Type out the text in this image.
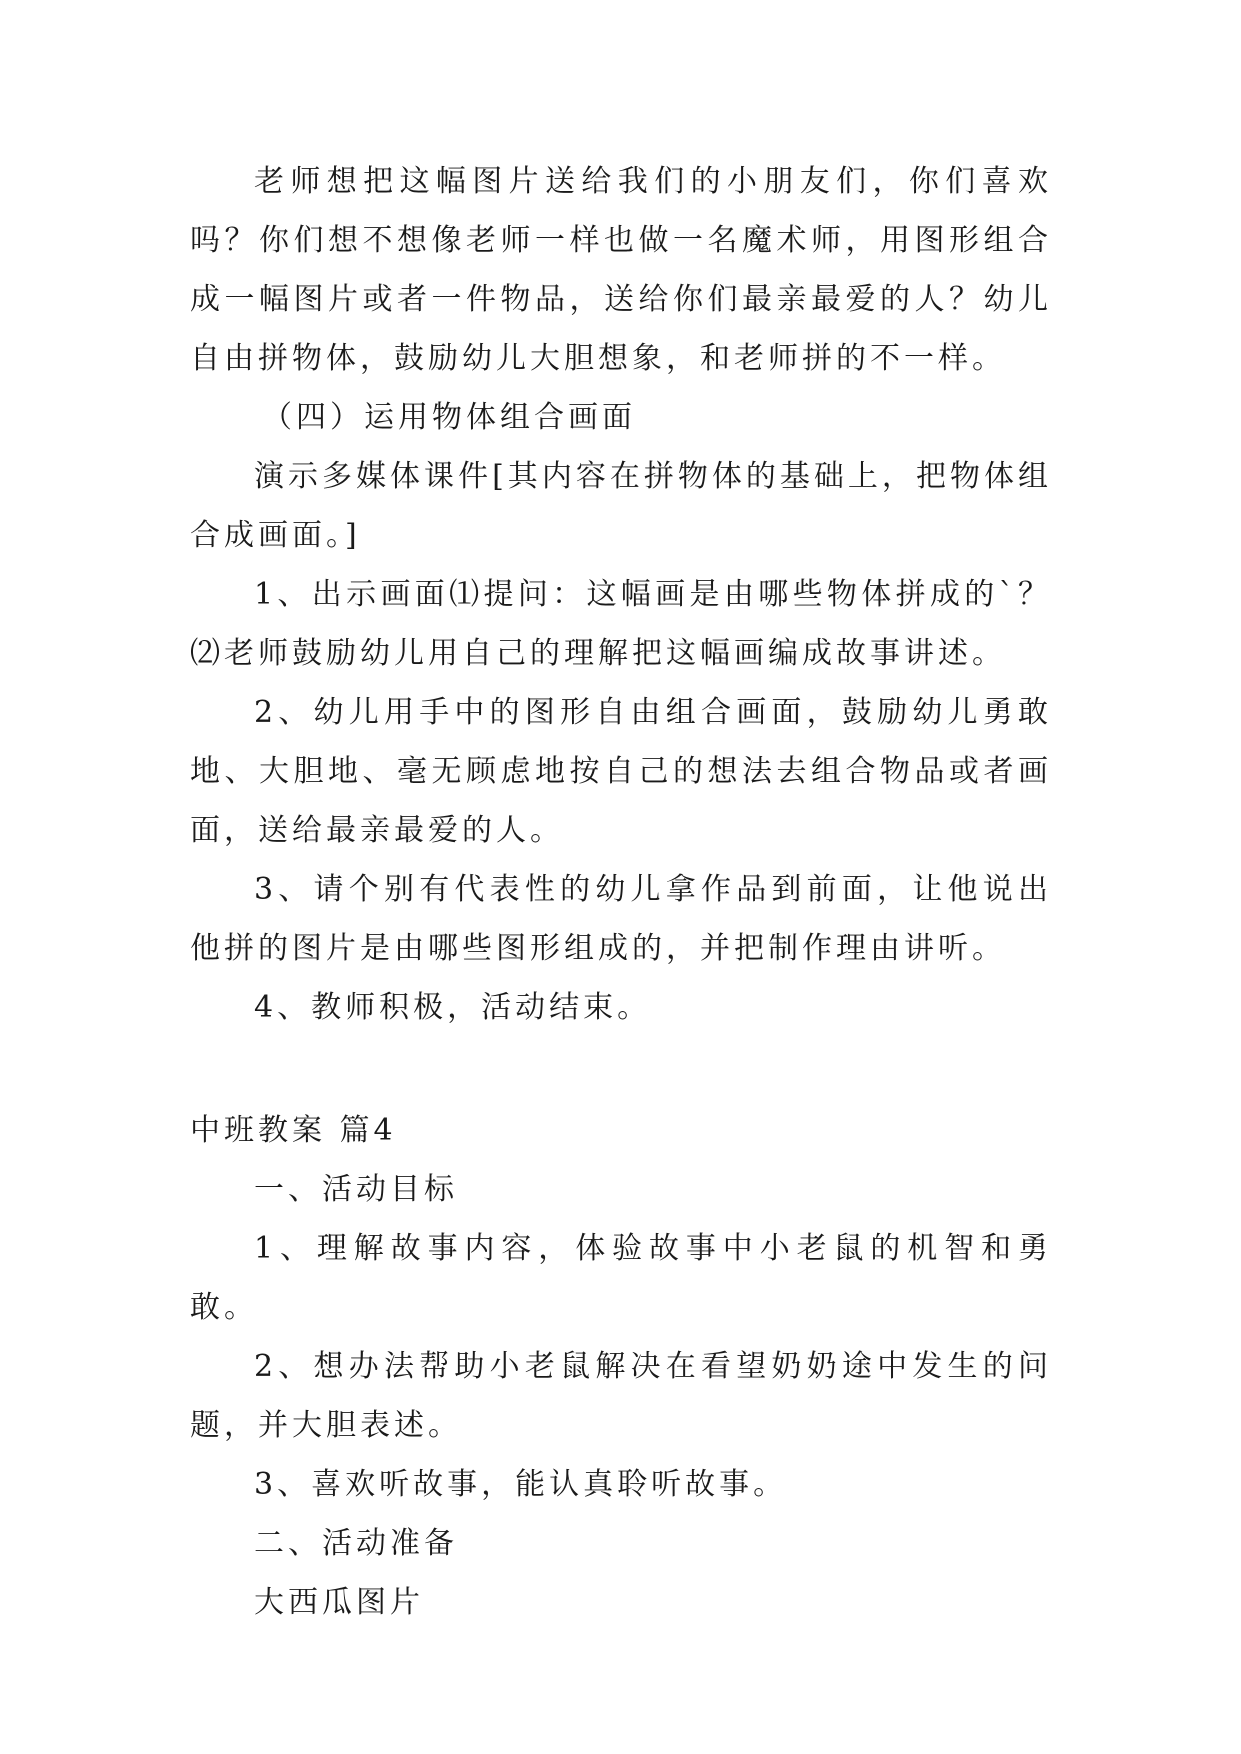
老师想把这幅图片送给我们的小朋友们，你们喜欢吗？你们想不想像老师一样也做一名魔术师，用图形组合成一幅图片或者一件物品，送给你们最亲最爱的人？幼儿自由拼物体，鼓励幼儿大胆想象，和老师拼的不一样。

（四）运用物体组合画面

演示多媒体课件[其内容在拼物体的基础上，把物体组合成画面。]

1、出示画面⑴提问：这幅画是由哪些物体拼成的`？⑵老师鼓励幼儿用自己的理解把这幅画编成故事讲述。

2、幼儿用手中的图形自由组合画面，鼓励幼儿勇敢地、大胆地、毫无顾虑地按自己的想法去组合物品或者画面，送给最亲最爱的人。

3、请个别有代表性的幼儿拿作品到前面，让他说出他拼的图片是由哪些图形组成的，并把制作理由讲听。

4、教师积极，活动结束。

中班教案 篇4

一、活动目标

1、理解故事内容，体验故事中小老鼠的机智和勇敢。

2、想办法帮助小老鼠解决在看望奶奶途中发生的问题，并大胆表述。

3、喜欢听故事，能认真聆听故事。

二、活动准备

大西瓜图片
